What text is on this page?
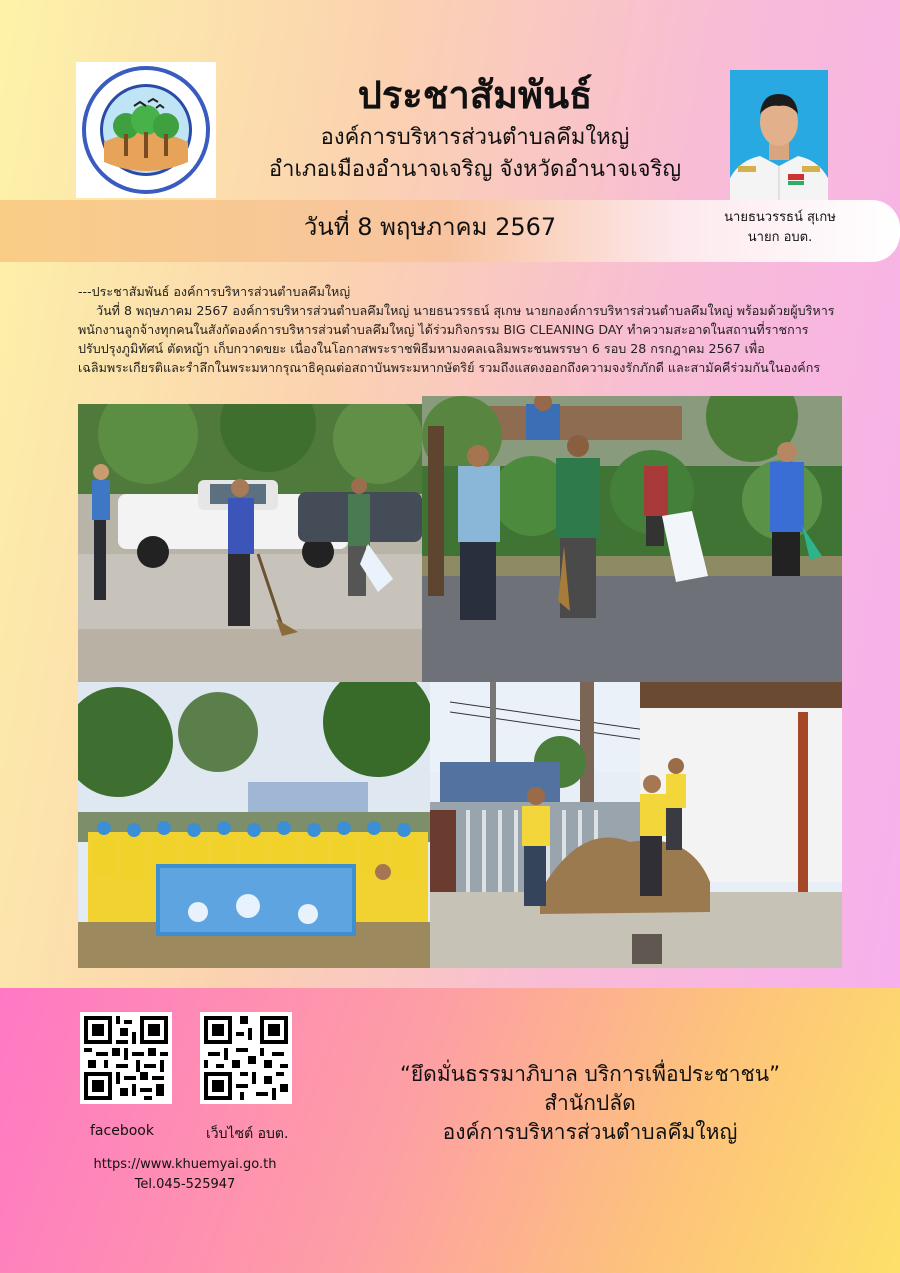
ประชาสัมพันธ์
องค์การบริหารส่วนตำบลคึมใหญ่
อำเภอเมืองอำนาจเจริญ จังหวัดอำนาจเจริญ
วันที่ 8 พฤษภาคม 2567	นายธนวรรธน์ สุเกษ
นายก อบต.

---ประชาสัมพันธ์ องค์การบริหารส่วนตำบลคึมใหญ่

วันที่ 8 พฤษภาคม 2567 องค์การบริหารส่วนตำบลคึมใหญ่ นายธนวรรธน์ สุเกษ นายกองค์การบริหารส่วนตำบลคึมใหญ่ พร้อมด้วยผู้บริหาร พนักงานลูกจ้างทุกคนในสังกัดองค์การบริหารส่วนตำบลคึมใหญ่ ได้ร่วมกิจกรรม BIG CLEANING DAY ทำความสะอาดในสถานที่ราชการ ปรับปรุงภูมิทัศน์ ตัดหญ้า เก็บกวาดขยะ เนื่องในโอกาสพระราชพิธีมหามงคลเฉลิมพระชนพรรษา 6 รอบ 28 กรกฎาคม 2567 เพื่อเฉลิมพระเกียรติและรำลึกในพระมหากรุณาธิคุณต่อสถาบันพระมหากษัตริย์ รวมถึงแสดงออกถึงความจงรักภักดี และสามัคคีร่วมกันในองค์กร

facebook	เว็บไซต์ อบต.
https://www.khuemyai.go.th
Tel.045-525947
“ยึดมั่นธรรมาภิบาล บริการเพื่อประชาชน”
สำนักปลัด
องค์การบริหารส่วนตำบลคึมใหญ่
